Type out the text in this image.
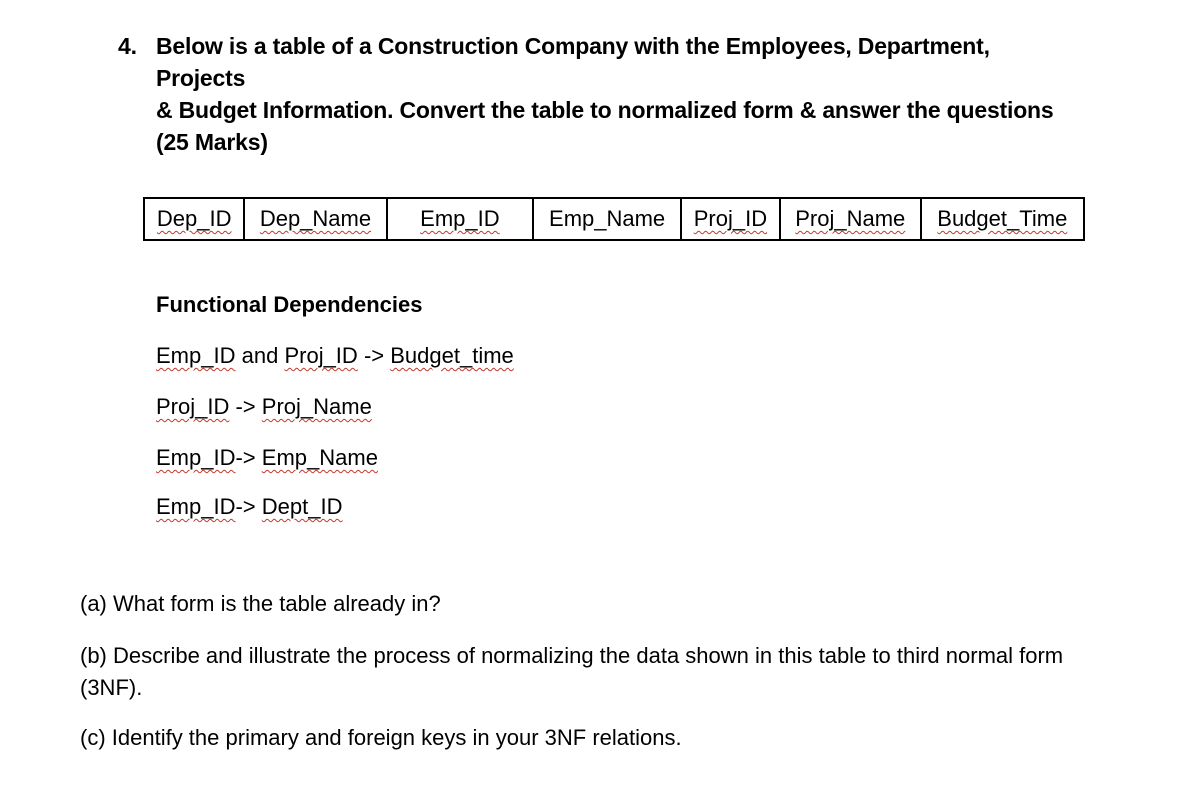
4. Below is a table of a Construction Company with the Employees, Department, Projects
& Budget Information. Convert the table to normalized form & answer the questions
(25 Marks)
Dep_ID	Dep_Name	Emp_ID	Emp_Name	Proj_ID	Proj_Name	Budget_Time
Functional Dependencies
Emp_ID and Proj_ID -> Budget_time
Proj_ID -> Proj_Name
Emp_ID-> Emp_Name
Emp_ID-> Dept_ID
(a) What form is the table already in?
(b) Describe and illustrate the process of normalizing the data shown in this table to third normal form (3NF).
(c) Identify the primary and foreign keys in your 3NF relations.
